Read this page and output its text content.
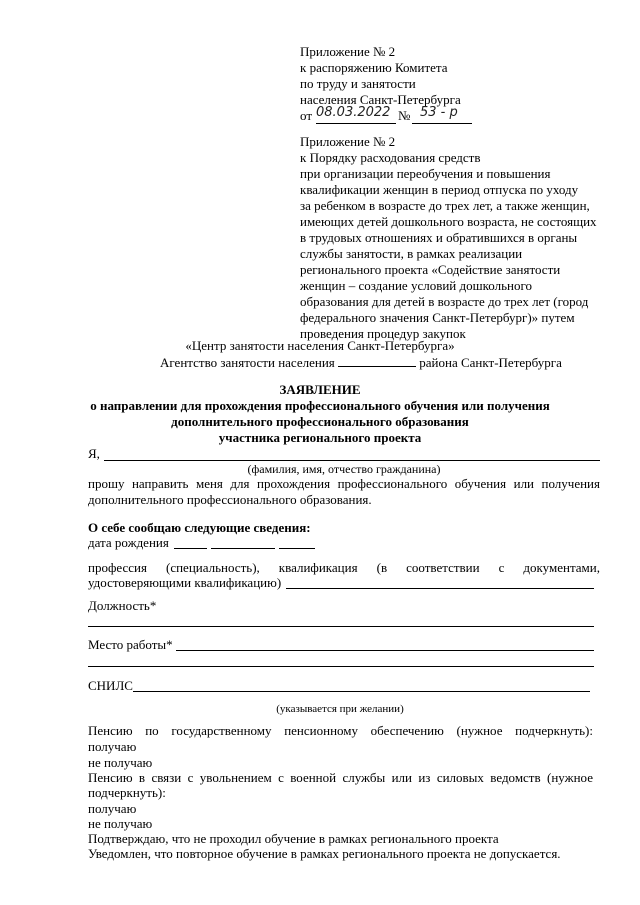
Приложение № 2
к распоряжению Комитета
по труду и занятости
населения Санкт-Петербурга
от 08.03.2022 № 53 - р
Приложение № 2
к Порядку расходования средств
при организации переобучения и повышения
квалификации женщин в период отпуска по уходу
за ребенком в возрасте до трех лет, а также женщин,
имеющих детей дошкольного возраста, не состоящих
в трудовых отношениях и обратившихся в органы
службы занятости, в рамках реализации
регионального проекта «Содействие занятости
женщин – создание условий дошкольного
образования для детей в возрасте до трех лет (город
федерального значения Санкт-Петербург)» путем
проведения процедур закупок
«Центр занятости населения Санкт-Петербурга»
Агентство занятости населения	района Санкт-Петербурга
ЗАЯВЛЕНИЕ
о направлении для прохождения профессионального обучения или получения
дополнительного профессионального образования
участника регионального проекта
Я,
(фамилия, имя, отчество гражданина)
прошу направить меня для прохождения профессионального обучения или получения
дополнительного профессионального образования.
О себе сообщаю следующие сведения:
дата рождения
профессия (специальность), квалификация (в соответствии с документами,
удостоверяющими квалификацию)
Должность*
Место работы*
СНИЛС
(указывается при желании)
Пенсию по государственному пенсионному обеспечению (нужное подчеркнуть):
получаю
не получаю
Пенсию в связи с увольнением с военной службы или из силовых ведомств (нужное
подчеркнуть):
получаю
не получаю
Подтверждаю, что не проходил обучение в рамках регионального проекта
Уведомлен, что повторное обучение в рамках регионального проекта не допускается.
